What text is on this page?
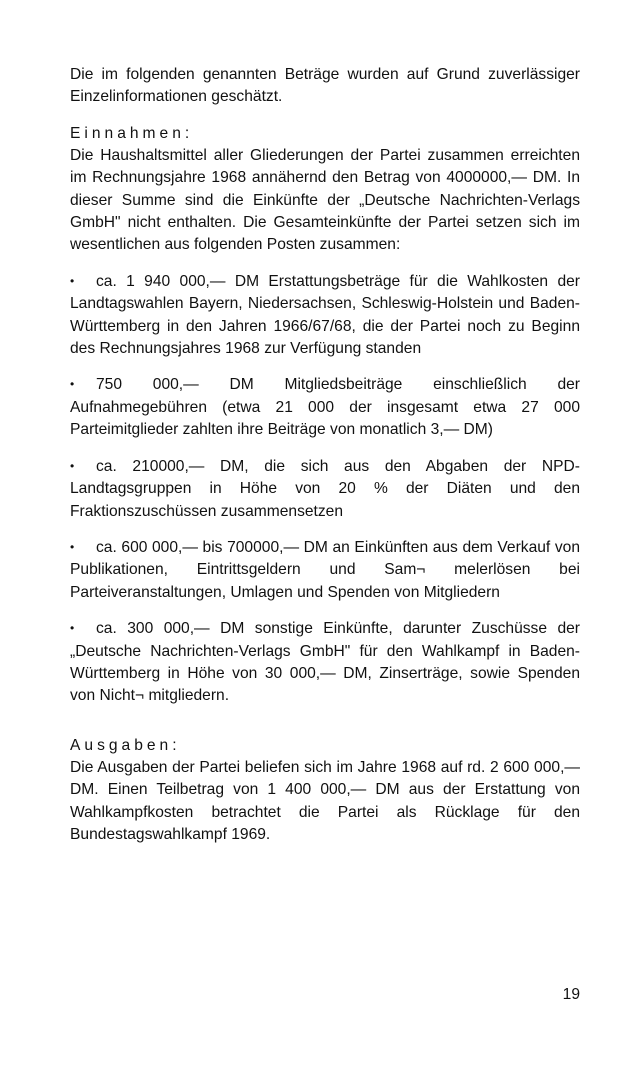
Die im folgenden genannten Beträge wurden auf Grund zuverlässiger Einzelinformationen geschätzt.

Einnahmen:

Die Haushaltsmittel aller Gliederungen der Partei zusammen erreichten im Rechnungsjahre 1968 annähernd den Betrag von 4000000,— DM. In dieser Summe sind die Einkünfte der „Deutsche Nachrichten-Verlags GmbH" nicht enthalten. Die Gesamteinkünfte der Partei setzen sich im wesentlichen aus folgenden Posten zusammen:

• ca. 1 940 000,— DM Erstattungsbeträge für die Wahlkosten der Landtagswahlen Bayern, Niedersachsen, Schleswig-Holstein und Baden-Württemberg in den Jahren 1966/67/68, die der Partei noch zu Beginn des Rechnungsjahres 1968 zur Verfügung standen

• 750 000,— DM Mitgliedsbeiträge einschließlich der Aufnahmegebühren (etwa 21 000 der insgesamt etwa 27 000 Parteimitglieder zahlten ihre Beiträge von monatlich 3,— DM)

• ca. 210000,— DM, die sich aus den Abgaben der NPD-Landtagsgruppen in Höhe von 20 % der Diäten und den Fraktionszuschüssen zusammensetzen

• ca. 600 000,— bis 700000,— DM an Einkünften aus dem Verkauf von Publikationen, Eintrittsgeldern und Sam¬ melerlösen bei Parteiveranstaltungen, Umlagen und Spenden von Mitgliedern

• ca. 300 000,— DM sonstige Einkünfte, darunter Zuschüsse der „Deutsche Nachrichten-Verlags GmbH" für den Wahlkampf in Baden-Württemberg in Höhe von 30 000,— DM, Zinserträge, sowie Spenden von Nicht¬ mitgliedern.

Ausgaben:

Die Ausgaben der Partei beliefen sich im Jahre 1968 auf rd. 2 600 000,— DM. Einen Teilbetrag von 1 400 000,— DM aus der Erstattung von Wahlkampfkosten betrachtet die Partei als Rücklage für den Bundestagswahlkampf 1969.

19
